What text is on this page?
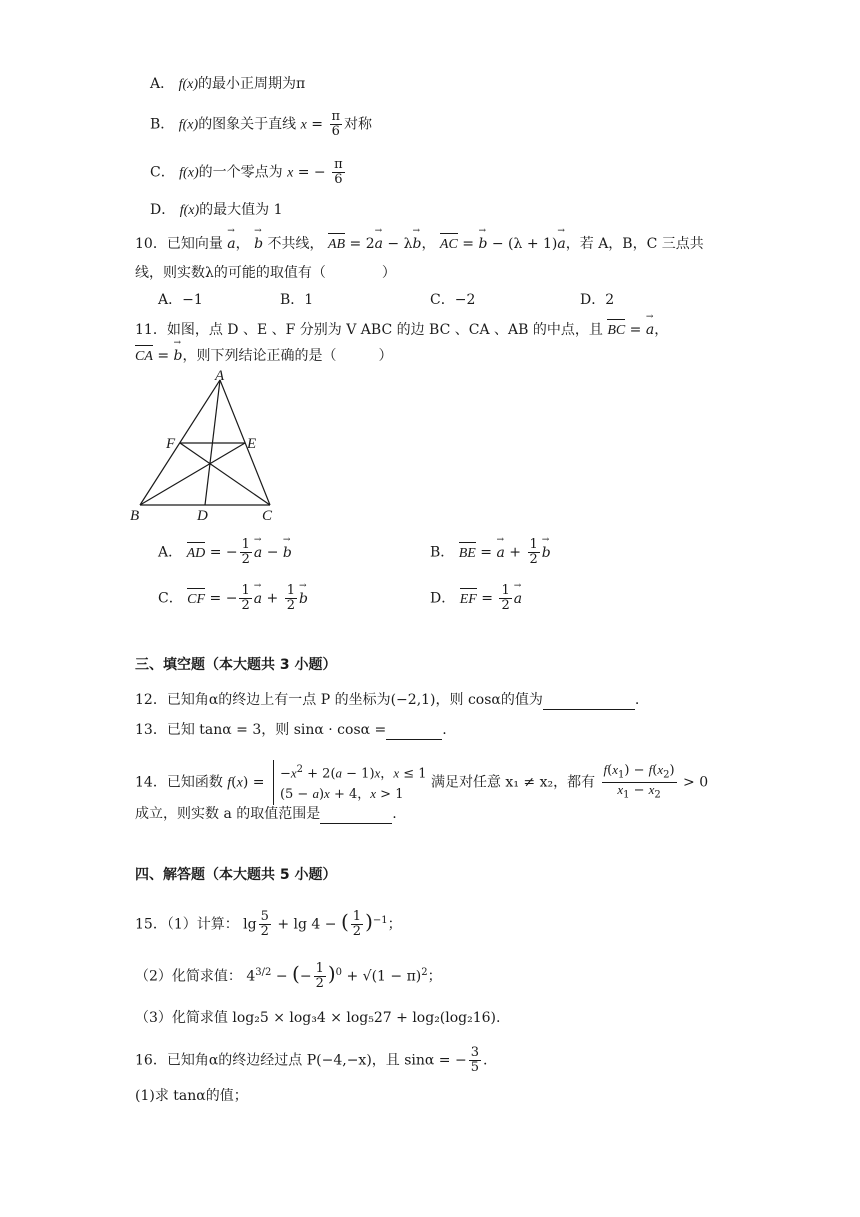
A． f(x)的最小正周期为π
B． f(x)的图象关于直线 $x = \frac{\pi}{6}$ 对称
C． f(x)的一个零点为 x = − $\frac{\pi}{6}$
D． f(x)的最大值为 1
10．已知向量 a →， b → 不共线， AB = 2a → − λb →， AC = b → − (λ + 1)a →，若 A，B，C 三点共
线，则实数λ的可能的取值有（　　　　）
A．−1	B．1	C．−2	D．2
11．如图，点 D 、E 、F 分别为 V ABC 的边 BC 、CA 、AB 的中点，且 BC = a →，
CA = b →，则下列结论正确的是（　　　）
A
F	E
B	D	C
A． AD = − $\frac{1}{2}$ a → − b →	B． BE = a → + $\frac{1}{2}$ b →
C． CF = − $\frac{1}{2}$ a → + $\frac{1}{2}$ b →	D． EF = $\frac{1}{2}$ a →
三、填空题（本大题共 3 小题）
12．已知角α的终边上有一点 P 的坐标为(−2,1)，则 cosα的值为	.
13．已知 tanα = 3，则 sinα · cosα =	.
14．已知函数 $f(x) = -x^2 + 2(a - 1)x$，x ≤ 1
(5 − a)x + 4，x > 1 满足对任意 x₁ ≠ x₂，都有 $\frac{f(x_1) - f(x_2)}{x_1 - x_2} > 0$
成立，则实数 a 的取值范围是	.
四、解答题（本大题共 5 小题）
15．（1）计算： $\lg \frac{5}{2} + \lg 4$ − ( $\frac{1}{2} )^{-1}$；
（2）化简求值： $4^{3/2}$ − (− $\frac{1}{2} )^0 + √(1 - \pi)^2$；
（3）化简求值 log₂5 × log₃4 × log₅27 + log₂(log₂16).
16．已知角α的终边经过点 P(−4,−x)，且 sinα = − $\frac{3}{5}$ .
(1)求 tanα的值；
